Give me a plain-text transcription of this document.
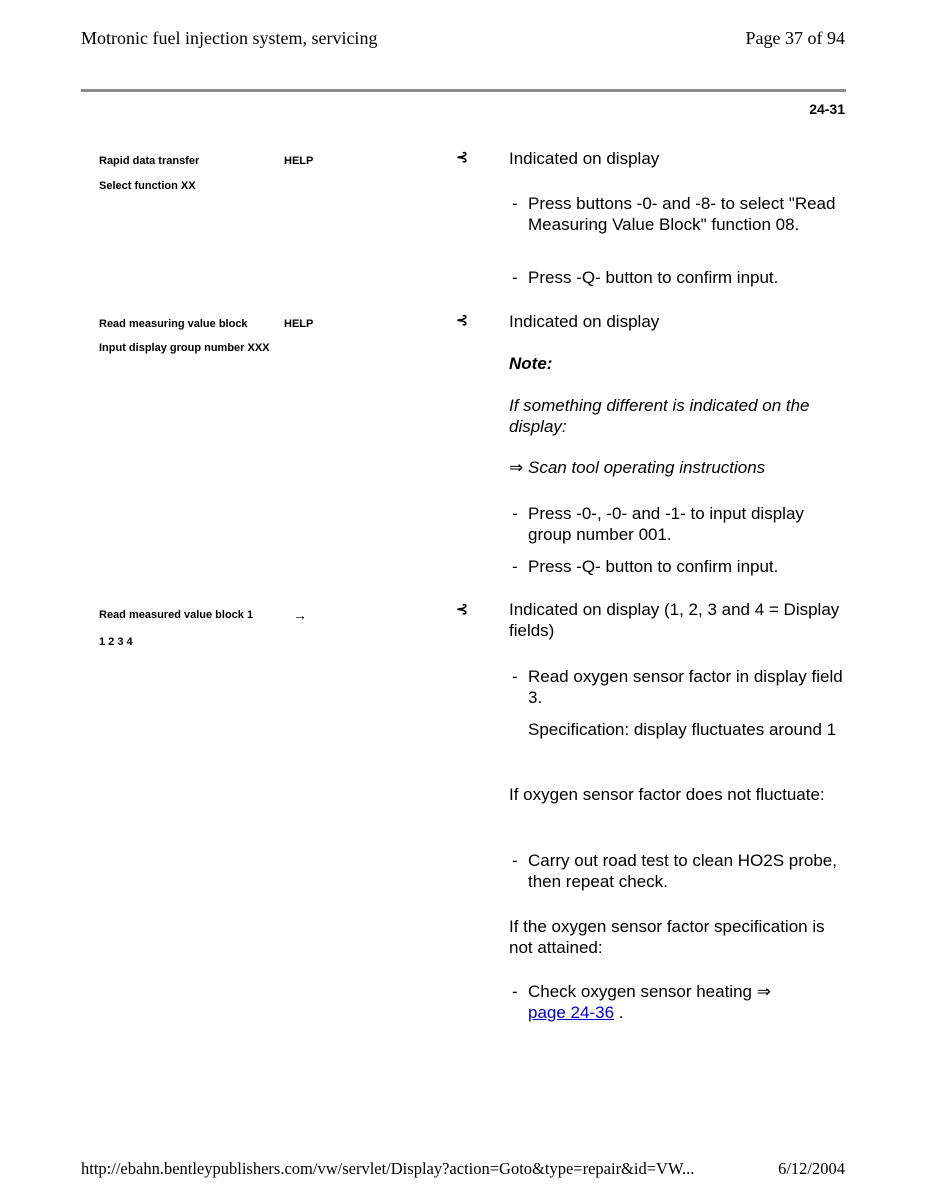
Motronic fuel injection system, servicing	Page 37 of 94
24-31
Rapid data transfer	HELP
Select function XX
⊰ Indicated on display
- Press buttons -0- and -8- to select "Read Measuring Value Block" function 08.
- Press -Q- button to confirm input.
Read measuring value block	HELP
Input display group number XXX
⊰ Indicated on display
Note:
If something different is indicated on the display:
⇒ Scan tool operating instructions
- Press -0-, -0- and -1- to input display group number 001.
- Press -Q- button to confirm input.
Read measured value block 1	→
1 2 3 4
⊰ Indicated on display (1, 2, 3 and 4 = Display fields)
- Read oxygen sensor factor in display field 3.
Specification: display fluctuates around 1
If oxygen sensor factor does not fluctuate:
- Carry out road test to clean HO2S probe, then repeat check.
If the oxygen sensor factor specification is not attained:
- Check oxygen sensor heating ⇒
page 24-36 .
http://ebahn.bentleypublishers.com/vw/servlet/Display?action=Goto&type=repair&id=VW...	6/12/2004
